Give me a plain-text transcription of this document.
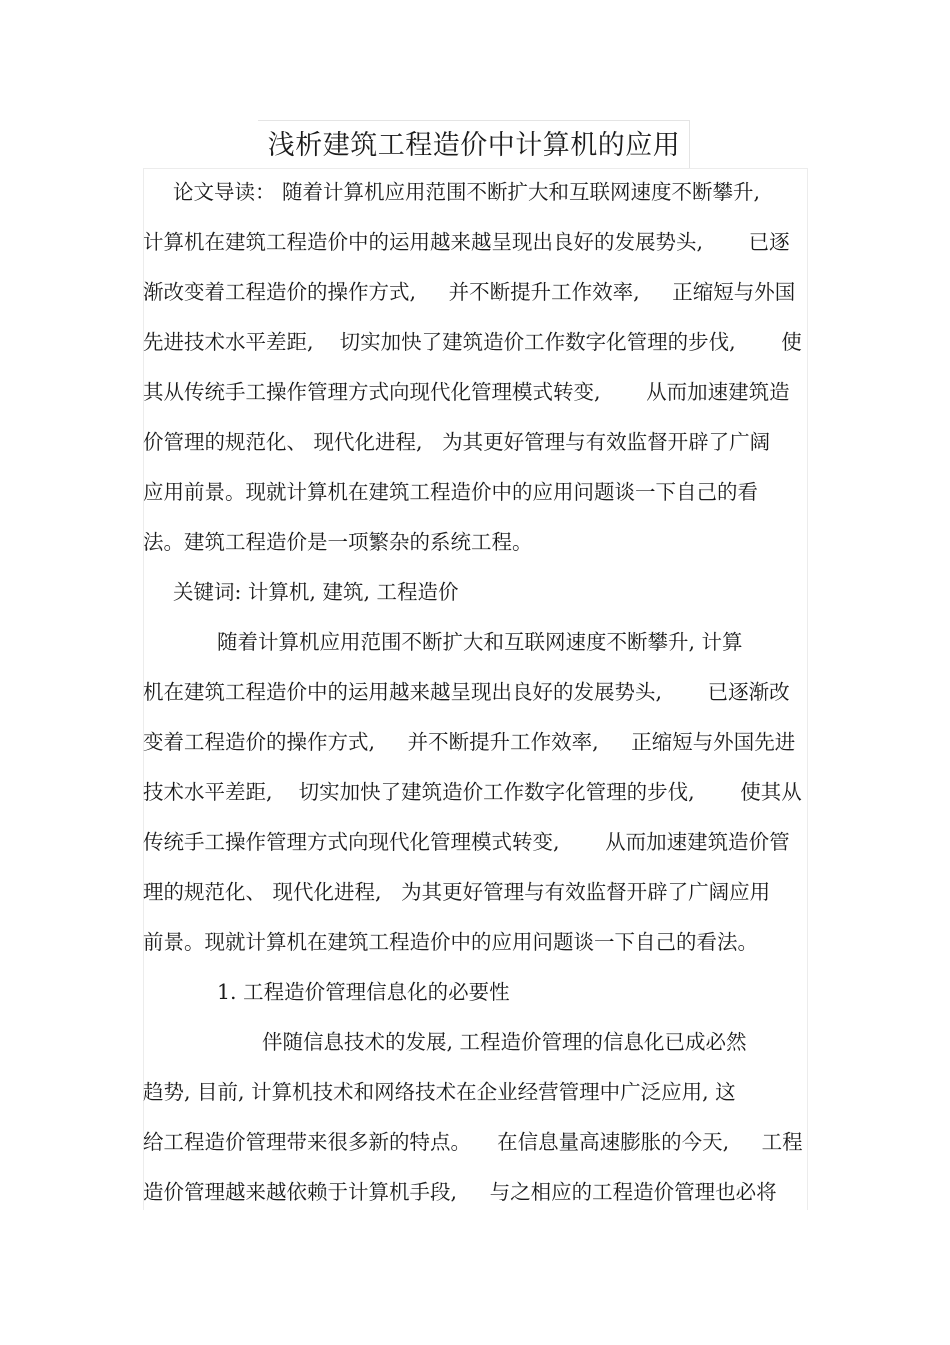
浅析建筑工程造价中计算机的应用
论文导读： 随着计算机应用范围不断扩大和互联网速度不断攀升,
计算机在建筑工程造价中的运用越来越呈现出良好的发展势头,       已逐
渐改变着工程造价的操作方式,     并不断提升工作效率,     正缩短与外国
先进技术水平差距,    切实加快了建筑造价工作数字化管理的步伐,       使
其从传统手工操作管理方式向现代化管理模式转变,       从而加速建筑造
价管理的规范化、 现代化进程,   为其更好管理与有效监督开辟了广阔
应用前景。现就计算机在建筑工程造价中的应用问题谈一下自己的看
法。建筑工程造价是一项繁杂的系统工程。
关键词: 计算机, 建筑, 工程造价
随着计算机应用范围不断扩大和互联网速度不断攀升, 计算
机在建筑工程造价中的运用越来越呈现出良好的发展势头,       已逐渐改
变着工程造价的操作方式,     并不断提升工作效率,     正缩短与外国先进
技术水平差距,    切实加快了建筑造价工作数字化管理的步伐,       使其从
传统手工操作管理方式向现代化管理模式转变,       从而加速建筑造价管
理的规范化、 现代化进程,   为其更好管理与有效监督开辟了广阔应用
前景。现就计算机在建筑工程造价中的应用问题谈一下自己的看法。
1. 工程造价管理信息化的必要性
伴随信息技术的发展, 工程造价管理的信息化已成必然
趋势, 目前, 计算机技术和网络技术在企业经营管理中广泛应用, 这
给工程造价管理带来很多新的特点。    在信息量高速膨胀的今天,     工程
造价管理越来越依赖于计算机手段,     与之相应的工程造价管理也必将
